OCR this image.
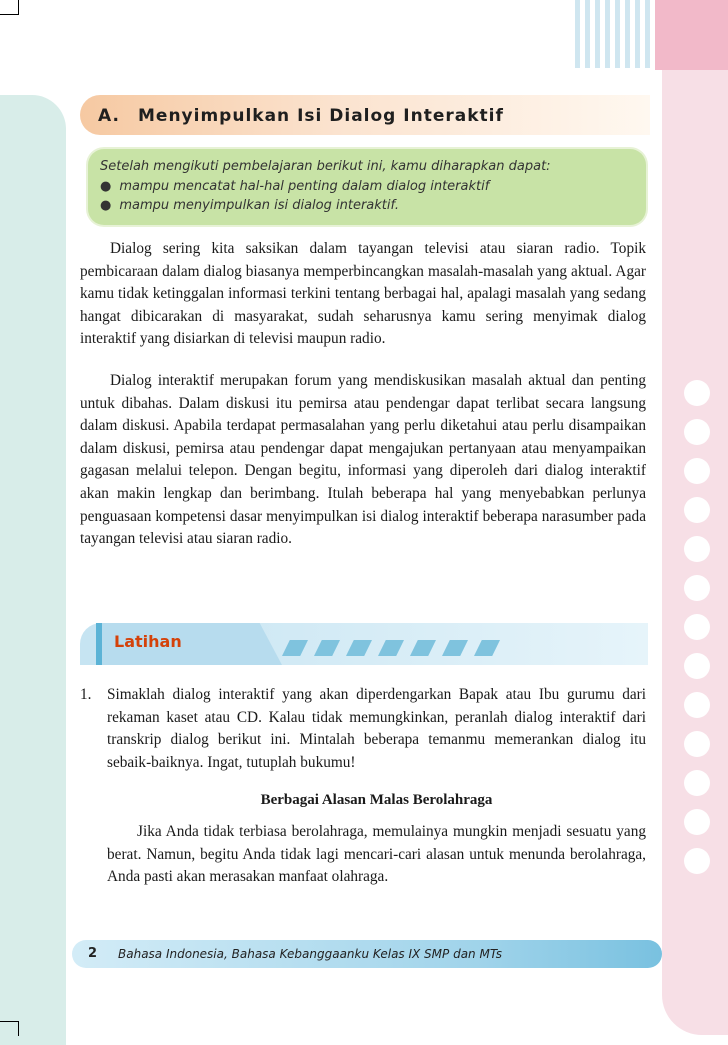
A. Menyimpulkan Isi Dialog Interaktif
Setelah mengikuti pembelajaran berikut ini, kamu diharapkan dapat:
● mampu mencatat hal-hal penting dalam dialog interaktif
● mampu menyimpulkan isi dialog interaktif.

Dialog sering kita saksikan dalam tayangan televisi atau siaran radio. Topik pembicaraan dalam dialog biasanya memperbincangkan masalah-masalah yang aktual. Agar kamu tidak ketinggalan informasi terkini tentang berbagai hal, apalagi masalah yang sedang hangat dibicarakan di masyarakat, sudah seharusnya kamu sering menyimak dialog interaktif yang disiarkan di televisi maupun radio.

Dialog interaktif merupakan forum yang mendiskusikan masalah aktual dan penting untuk dibahas. Dalam diskusi itu pemirsa atau pendengar dapat terlibat secara langsung dalam diskusi. Apabila terdapat permasalahan yang perlu diketahui atau perlu disampaikan dalam diskusi, pemirsa atau pendengar dapat mengajukan pertanyaan atau menyampaikan gagasan melalui telepon. Dengan begitu, informasi yang diperoleh dari dialog interaktif akan makin lengkap dan berimbang. Itulah beberapa hal yang menyebabkan perlunya penguasaan kompetensi dasar menyimpulkan isi dialog interaktif beberapa narasumber pada tayangan televisi atau siaran radio.

Latihan
1. Simaklah dialog interaktif yang akan diperdengarkan Bapak atau Ibu gurumu dari rekaman kaset atau CD. Kalau tidak memungkinkan, peranlah dialog interaktif dari transkrip dialog berikut ini. Mintalah beberapa temanmu memerankan dialog itu sebaik-baiknya. Ingat, tutuplah bukumu!
Berbagai Alasan Malas Berolahraga
Jika Anda tidak terbiasa berolahraga, memulainya mungkin menjadi sesuatu yang berat. Namun, begitu Anda tidak lagi mencari-cari alasan untuk menunda berolahraga, Anda pasti akan merasakan manfaat olahraga.
2 Bahasa Indonesia, Bahasa Kebanggaanku Kelas IX SMP dan MTs
